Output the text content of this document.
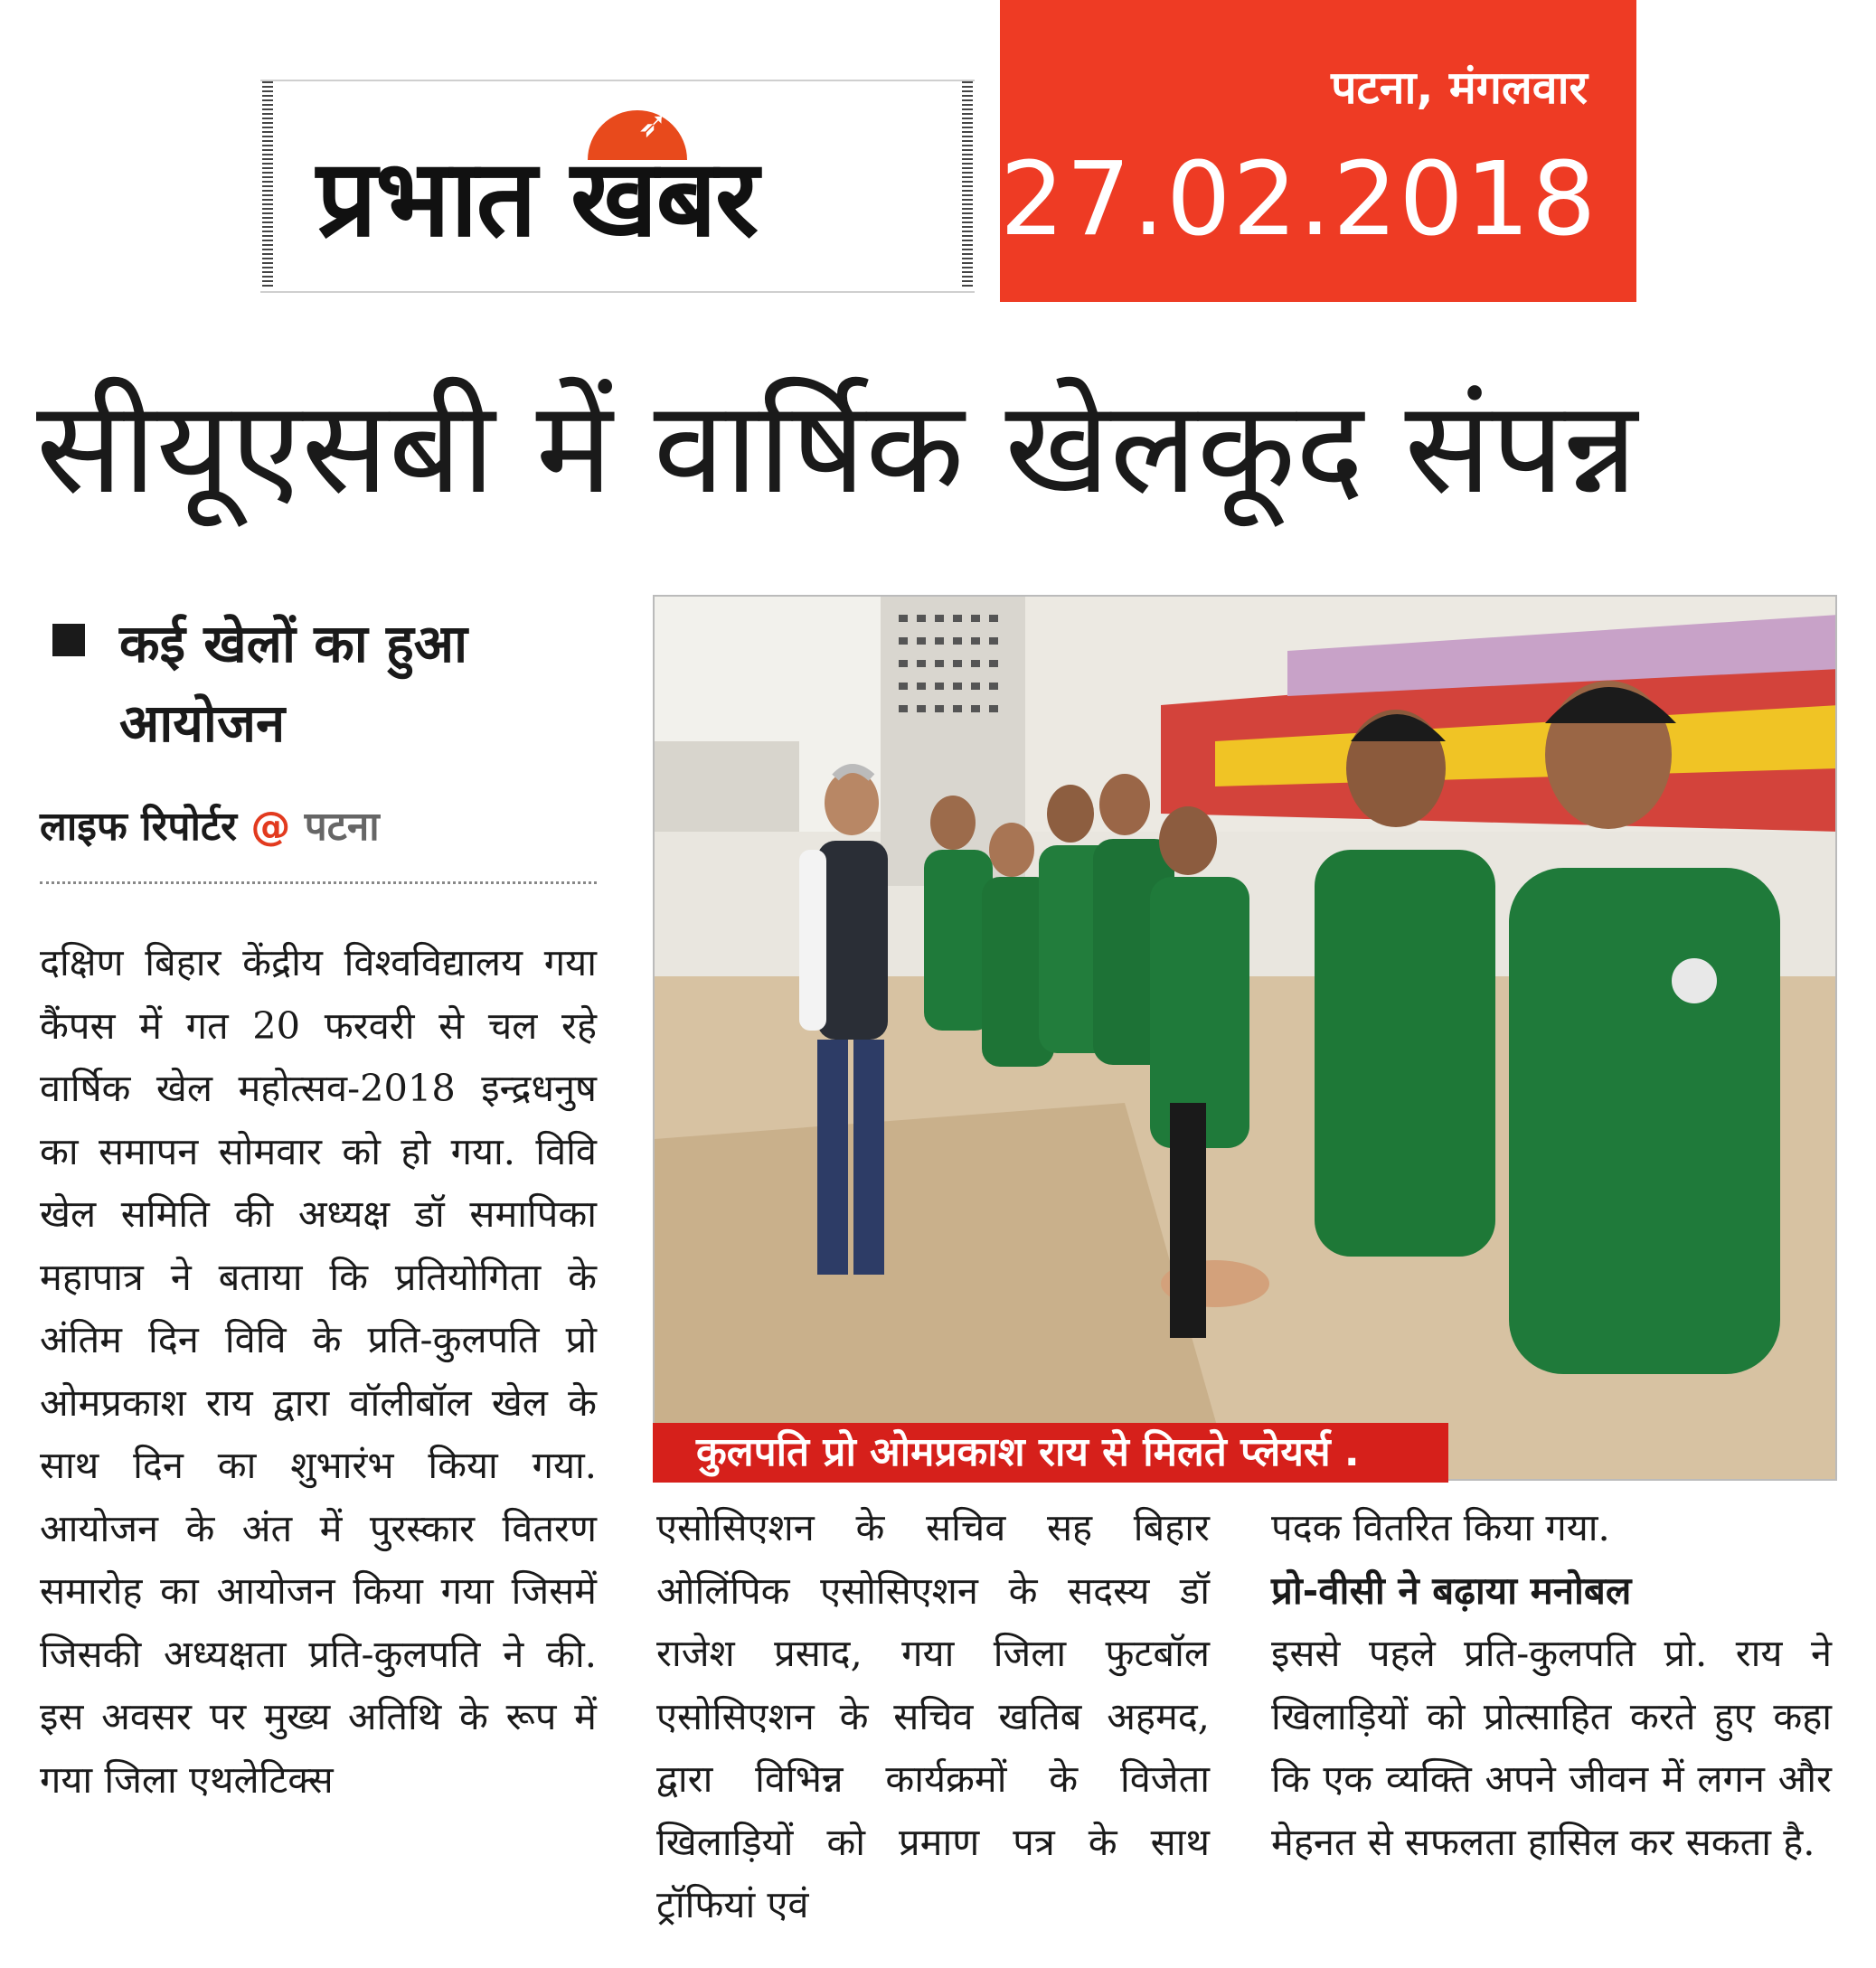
➶
प्रभात खबर
पटना, मंगलवार
27.02.2018
सीयूएसबी में वार्षिक खेलकूद संपन्न
कई खेलों का हुआ आयोजन
लाइफ रिपोर्टर @ पटना
दक्षिण बिहार केंद्रीय विश्वविद्यालय गया कैंपस में गत 20 फरवरी से चल रहे वार्षिक खेल महोत्सव-2018 इन्द्रधनुष का समापन सोमवार को हो गया. विवि खेल समिति की अध्यक्ष डॉ समापिका महापात्र ने बताया कि प्रतियोगिता के अंतिम दिन विवि के प्रति-कुलपति प्रो ओमप्रकाश राय द्वारा वॉलीबॉल खेल के साथ दिन का शुभारंभ किया गया. आयोजन के अंत में पुरस्कार वितरण समारोह का आयोजन किया गया जिसमें जिसकी अध्यक्षता प्रति-कुलपति ने की. इस अवसर पर मुख्य अतिथि के रूप में गया जिला एथलेटिक्स
कुलपति प्रो ओमप्रकाश राय से मिलते प्लेयर्स .
एसोसिएशन के सचिव सह बिहार ओलिंपिक एसोसिएशन के सदस्य डॉ राजेश प्रसाद, गया जिला फुटबॉल एसोसिएशन के सचिव खतिब अहमद, द्वारा विभिन्न कार्यक्रमों के विजेता खिलाड़ियों को प्रमाण पत्र के साथ ट्रॉफियां एवं
पदक वितरित किया गया.
प्रो-वीसी ने बढ़ाया मनोबल
इससे पहले प्रति-कुलपति प्रो. राय ने खिलाड़ियों को प्रोत्साहित करते हुए कहा कि एक व्यक्ति अपने जीवन में लगन और मेहनत से सफलता हासिल कर सकता है.
